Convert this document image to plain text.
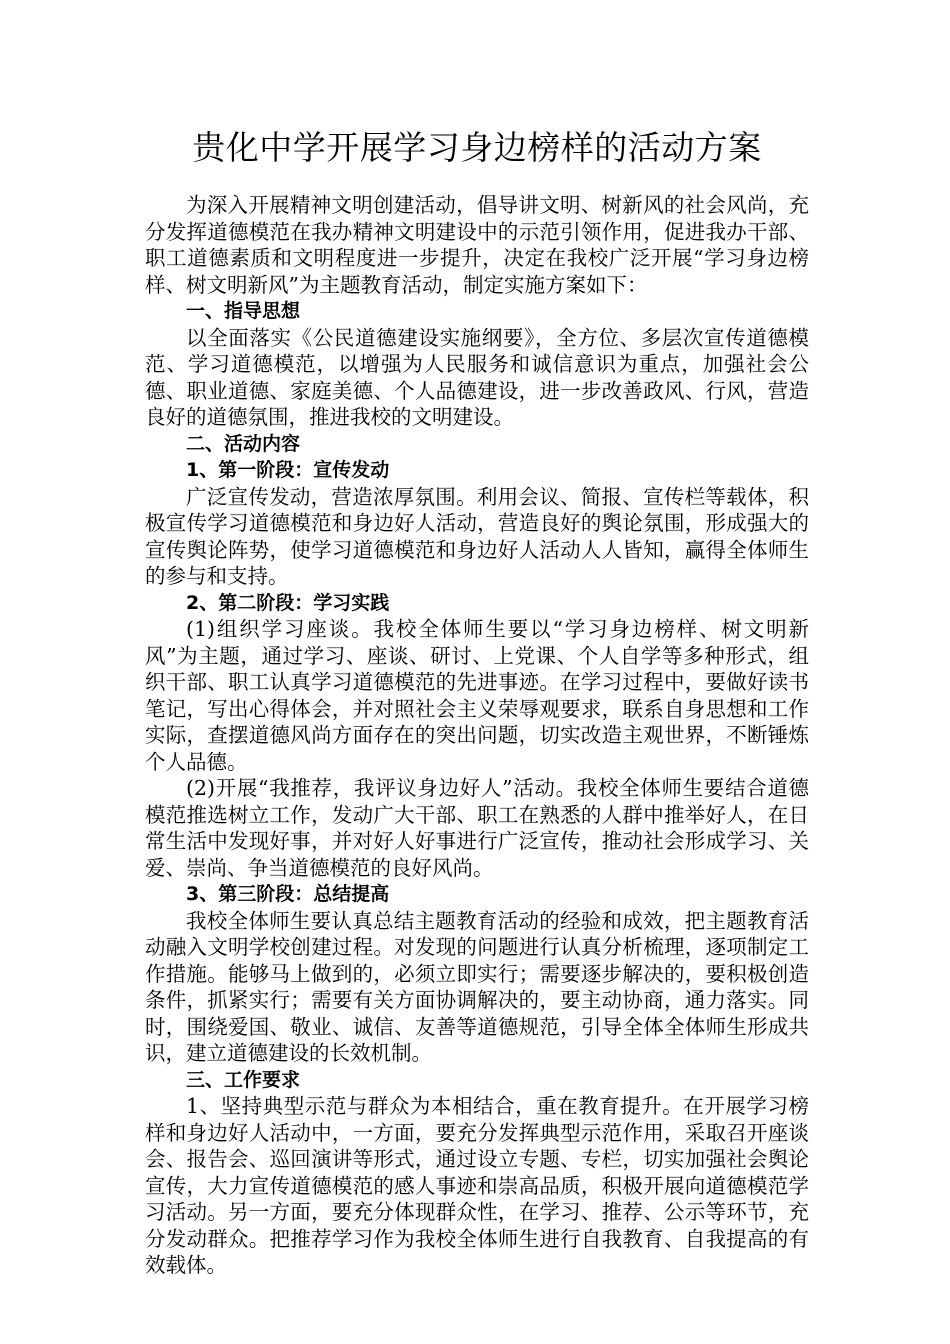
贵化中学开展学习身边榜样的活动方案

为深入开展精神文明创建活动，倡导讲文明、树新风的社会风尚，充分发挥道德模范在我办精神文明建设中的示范引领作用，促进我办干部、职工道德素质和文明程度进一步提升，决定在我校广泛开展“学习身边榜样、树文明新风”为主题教育活动，制定实施方案如下：

一、指导思想

以全面落实《公民道德建设实施纲要》，全方位、多层次宣传道德模范、学习道德模范，以增强为人民服务和诚信意识为重点，加强社会公德、职业道德、家庭美德、个人品德建设，进一步改善政风、行风，营造良好的道德氛围，推进我校的文明建设。

二、活动内容

1、第一阶段：宣传发动

广泛宣传发动，营造浓厚氛围。利用会议、简报、宣传栏等载体，积极宣传学习道德模范和身边好人活动，营造良好的舆论氛围，形成强大的宣传舆论阵势，使学习道德模范和身边好人活动人人皆知，赢得全体师生的参与和支持。

2、第二阶段：学习实践

(1)组织学习座谈。我校全体师生要以“学习身边榜样、树文明新风”为主题，通过学习、座谈、研讨、上党课、个人自学等多种形式，组织干部、职工认真学习道德模范的先进事迹。在学习过程中，要做好读书笔记，写出心得体会，并对照社会主义荣辱观要求，联系自身思想和工作实际，查摆道德风尚方面存在的突出问题，切实改造主观世界，不断锤炼个人品德。

(2)开展“我推荐，我评议身边好人”活动。我校全体师生要结合道德模范推选树立工作，发动广大干部、职工在熟悉的人群中推举好人，在日常生活中发现好事，并对好人好事进行广泛宣传，推动社会形成学习、关爱、崇尚、争当道德模范的良好风尚。

3、第三阶段：总结提高

我校全体师生要认真总结主题教育活动的经验和成效，把主题教育活动融入文明学校创建过程。对发现的问题进行认真分析梳理，逐项制定工作措施。能够马上做到的，必须立即实行；需要逐步解决的，要积极创造条件，抓紧实行；需要有关方面协调解决的，要主动协商，通力落实。同时，围绕爱国、敬业、诚信、友善等道德规范，引导全体全体师生形成共识，建立道德建设的长效机制。

三、工作要求

1、坚持典型示范与群众为本相结合，重在教育提升。在开展学习榜样和身边好人活动中，一方面，要充分发挥典型示范作用，采取召开座谈会、报告会、巡回演讲等形式，通过设立专题、专栏，切实加强社会舆论宣传，大力宣传道德模范的感人事迹和崇高品质，积极开展向道德模范学习活动。另一方面，要充分体现群众性，在学习、推荐、公示等环节，充分发动群众。把推荐学习作为我校全体师生进行自我教育、自我提高的有效载体。
